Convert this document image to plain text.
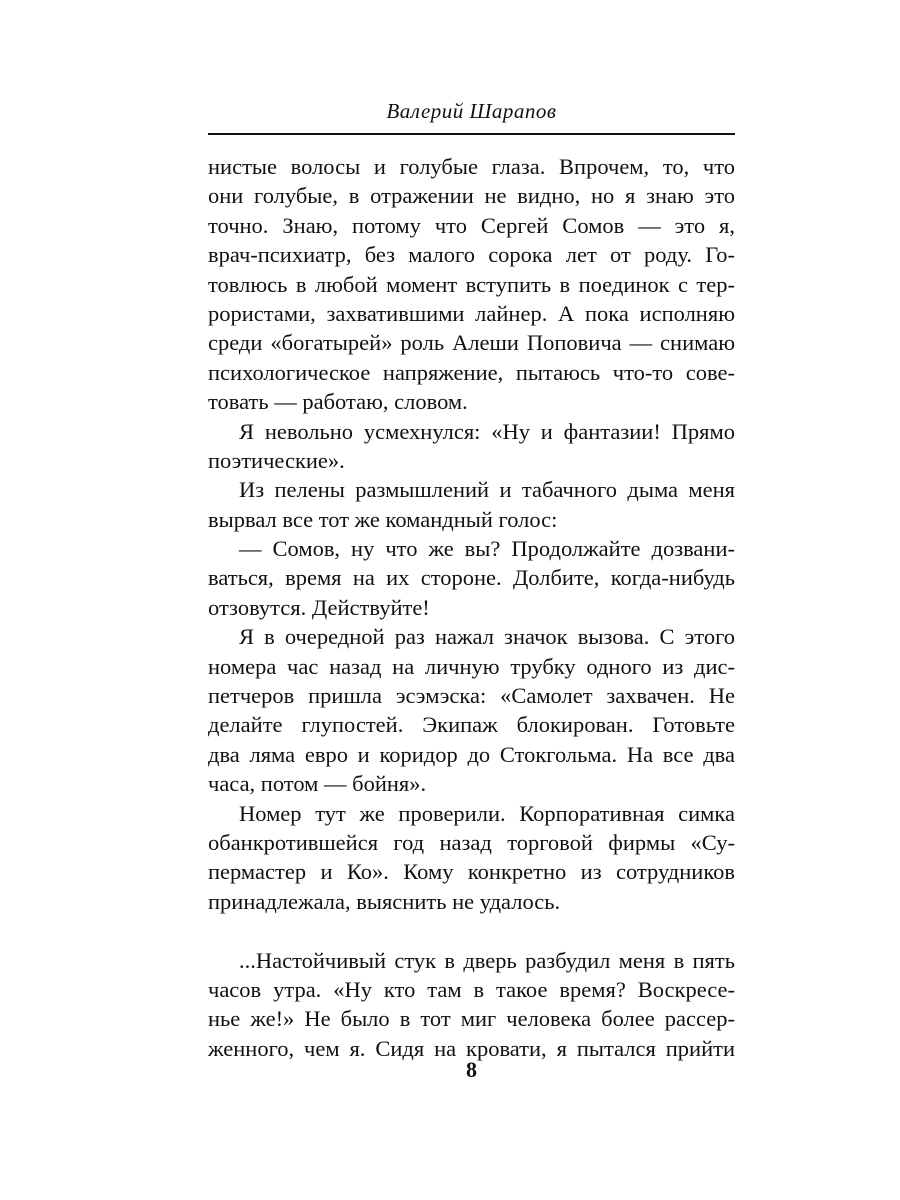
Валерий Шарапов
нистые волосы и голубые глаза. Впрочем, то, что
они голубые, в отражении не видно, но я знаю это
точно. Знаю, потому что Сергей Сомов — это я,
врач-психиатр, без малого сорока лет от роду. Го-
товлюсь в любой момент вступить в поединок с тер-
рористами, захватившими лайнер. А пока исполняю
среди «богатырей» роль Алеши Поповича — снимаю
психологическое напряжение, пытаюсь что-то сове-
товать — работаю, словом.
Я невольно усмехнулся: «Ну и фантазии! Прямо
поэтические».
Из пелены размышлений и табачного дыма меня
вырвал все тот же командный голос:
— Сомов, ну что же вы? Продолжайте дозвани-
ваться, время на их стороне. Долбите, когда-нибудь
отзовутся. Действуйте!
Я в очередной раз нажал значок вызова. С этого
номера час назад на личную трубку одного из дис-
петчеров пришла эсэмэска: «Самолет захвачен. Не
делайте глупостей. Экипаж блокирован. Готовьте
два ляма евро и коридор до Стокгольма. На все два
часа, потом — бойня».
Номер тут же проверили. Корпоративная симка
обанкротившейся год назад торговой фирмы «Су-
пермастер и Ко». Кому конкретно из сотрудников
принадлежала, выяснить не удалось.
...Настойчивый стук в дверь разбудил меня в пять
часов утра. «Ну кто там в такое время? Воскресе-
нье же!» Не было в тот миг человека более рассер-
женного, чем я. Сидя на кровати, я пытался прийти
8
